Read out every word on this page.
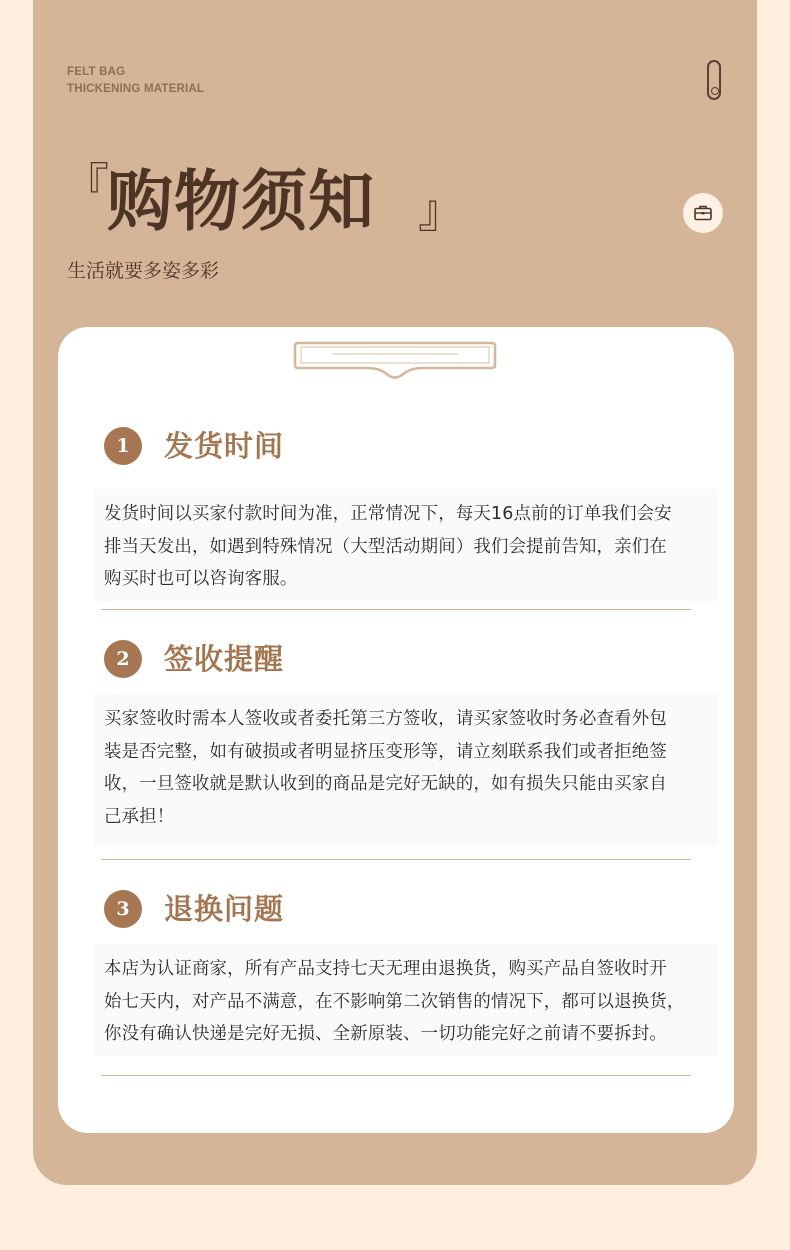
FELT BAG
THICKENING MATERIAL
『
购物须知 』
生活就要多姿多彩
1	发货时间
发货时间以买家付款时间为准，正常情况下，每天16点前的订单我们会安
排当天发出，如遇到特殊情况（大型活动期间）我们会提前告知，亲们在
购买时也可以咨询客服。
2	签收提醒
买家签收时需本人签收或者委托第三方签收，请买家签收时务必查看外包
装是否完整，如有破损或者明显挤压变形等，请立刻联系我们或者拒绝签
收，一旦签收就是默认收到的商品是完好无缺的，如有损失只能由买家自
己承担！
3	退换问题
本店为认证商家，所有产品支持七天无理由退换货，购买产品自签收时开
始七天内，对产品不满意，在不影响第二次销售的情况下，都可以退换货，
你没有确认快递是完好无损、全新原装、一切功能完好之前请不要拆封。
